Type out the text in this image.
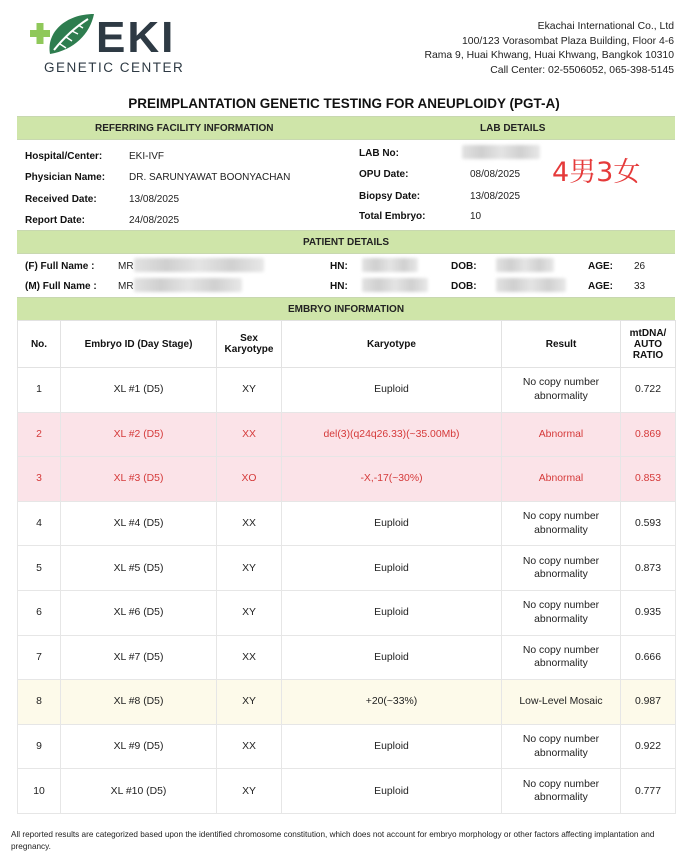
EKI
GENETIC CENTER
Ekachai International Co., Ltd
100/123 Vorasombat Plaza Building, Floor 4-6
Rama 9, Huai Khwang, Huai Khwang, Bangkok 10310
Call Center: 02-5506052, 065-398-5145
PREIMPLANTATION GENETIC TESTING FOR ANEUPLOIDY (PGT-A)
REFERRING FACILITY INFORMATION	LAB DETAILS
Hospital/Center:	EKI-IVF
Physician Name: DR. SARUNYAWAT BOONYACHAN
Received Date:	13/08/2025
Report Date:	24/08/2025
LAB No:
OPU Date:	08/08/2025
Biopsy Date:	13/08/2025
Total Embryo:	10
4男3女
PATIENT DETAILS
(F) Full Name : MR	HN:	DOB:	AGE: 26
(M) Full Name : MR	HN:	DOB:	AGE: 33
EMBRYO INFORMATION
No.	Embryo ID (Day Stage)	Sex Karyotype	Karyotype	Result	mtDNA/ AUTO RATIO
1	XL #1 (D5)	XY	Euploid	No copy number abnormality	0.722
2	XL #2 (D5)	XX	del(3)(q24q26.33)(~35.00Mb)	Abnormal	0.869
3	XL #3 (D5)	XO	-X,-17(~30%)	Abnormal	0.853
4	XL #4 (D5)	XX	Euploid	No copy number abnormality	0.593
5	XL #5 (D5)	XY	Euploid	No copy number abnormality	0.873
6	XL #6 (D5)	XY	Euploid	No copy number abnormality	0.935
7	XL #7 (D5)	XX	Euploid	No copy number abnormality	0.666
8	XL #8 (D5)	XY	+20(~33%)	Low-Level Mosaic	0.987
9	XL #9 (D5)	XX	Euploid	No copy number abnormality	0.922
10	XL #10 (D5)	XY	Euploid	No copy number abnormality	0.777
All reported results are categorized based upon the identified chromosome constitution, which does not account for embryo morphology or other factors affecting implantation and pregnancy.
